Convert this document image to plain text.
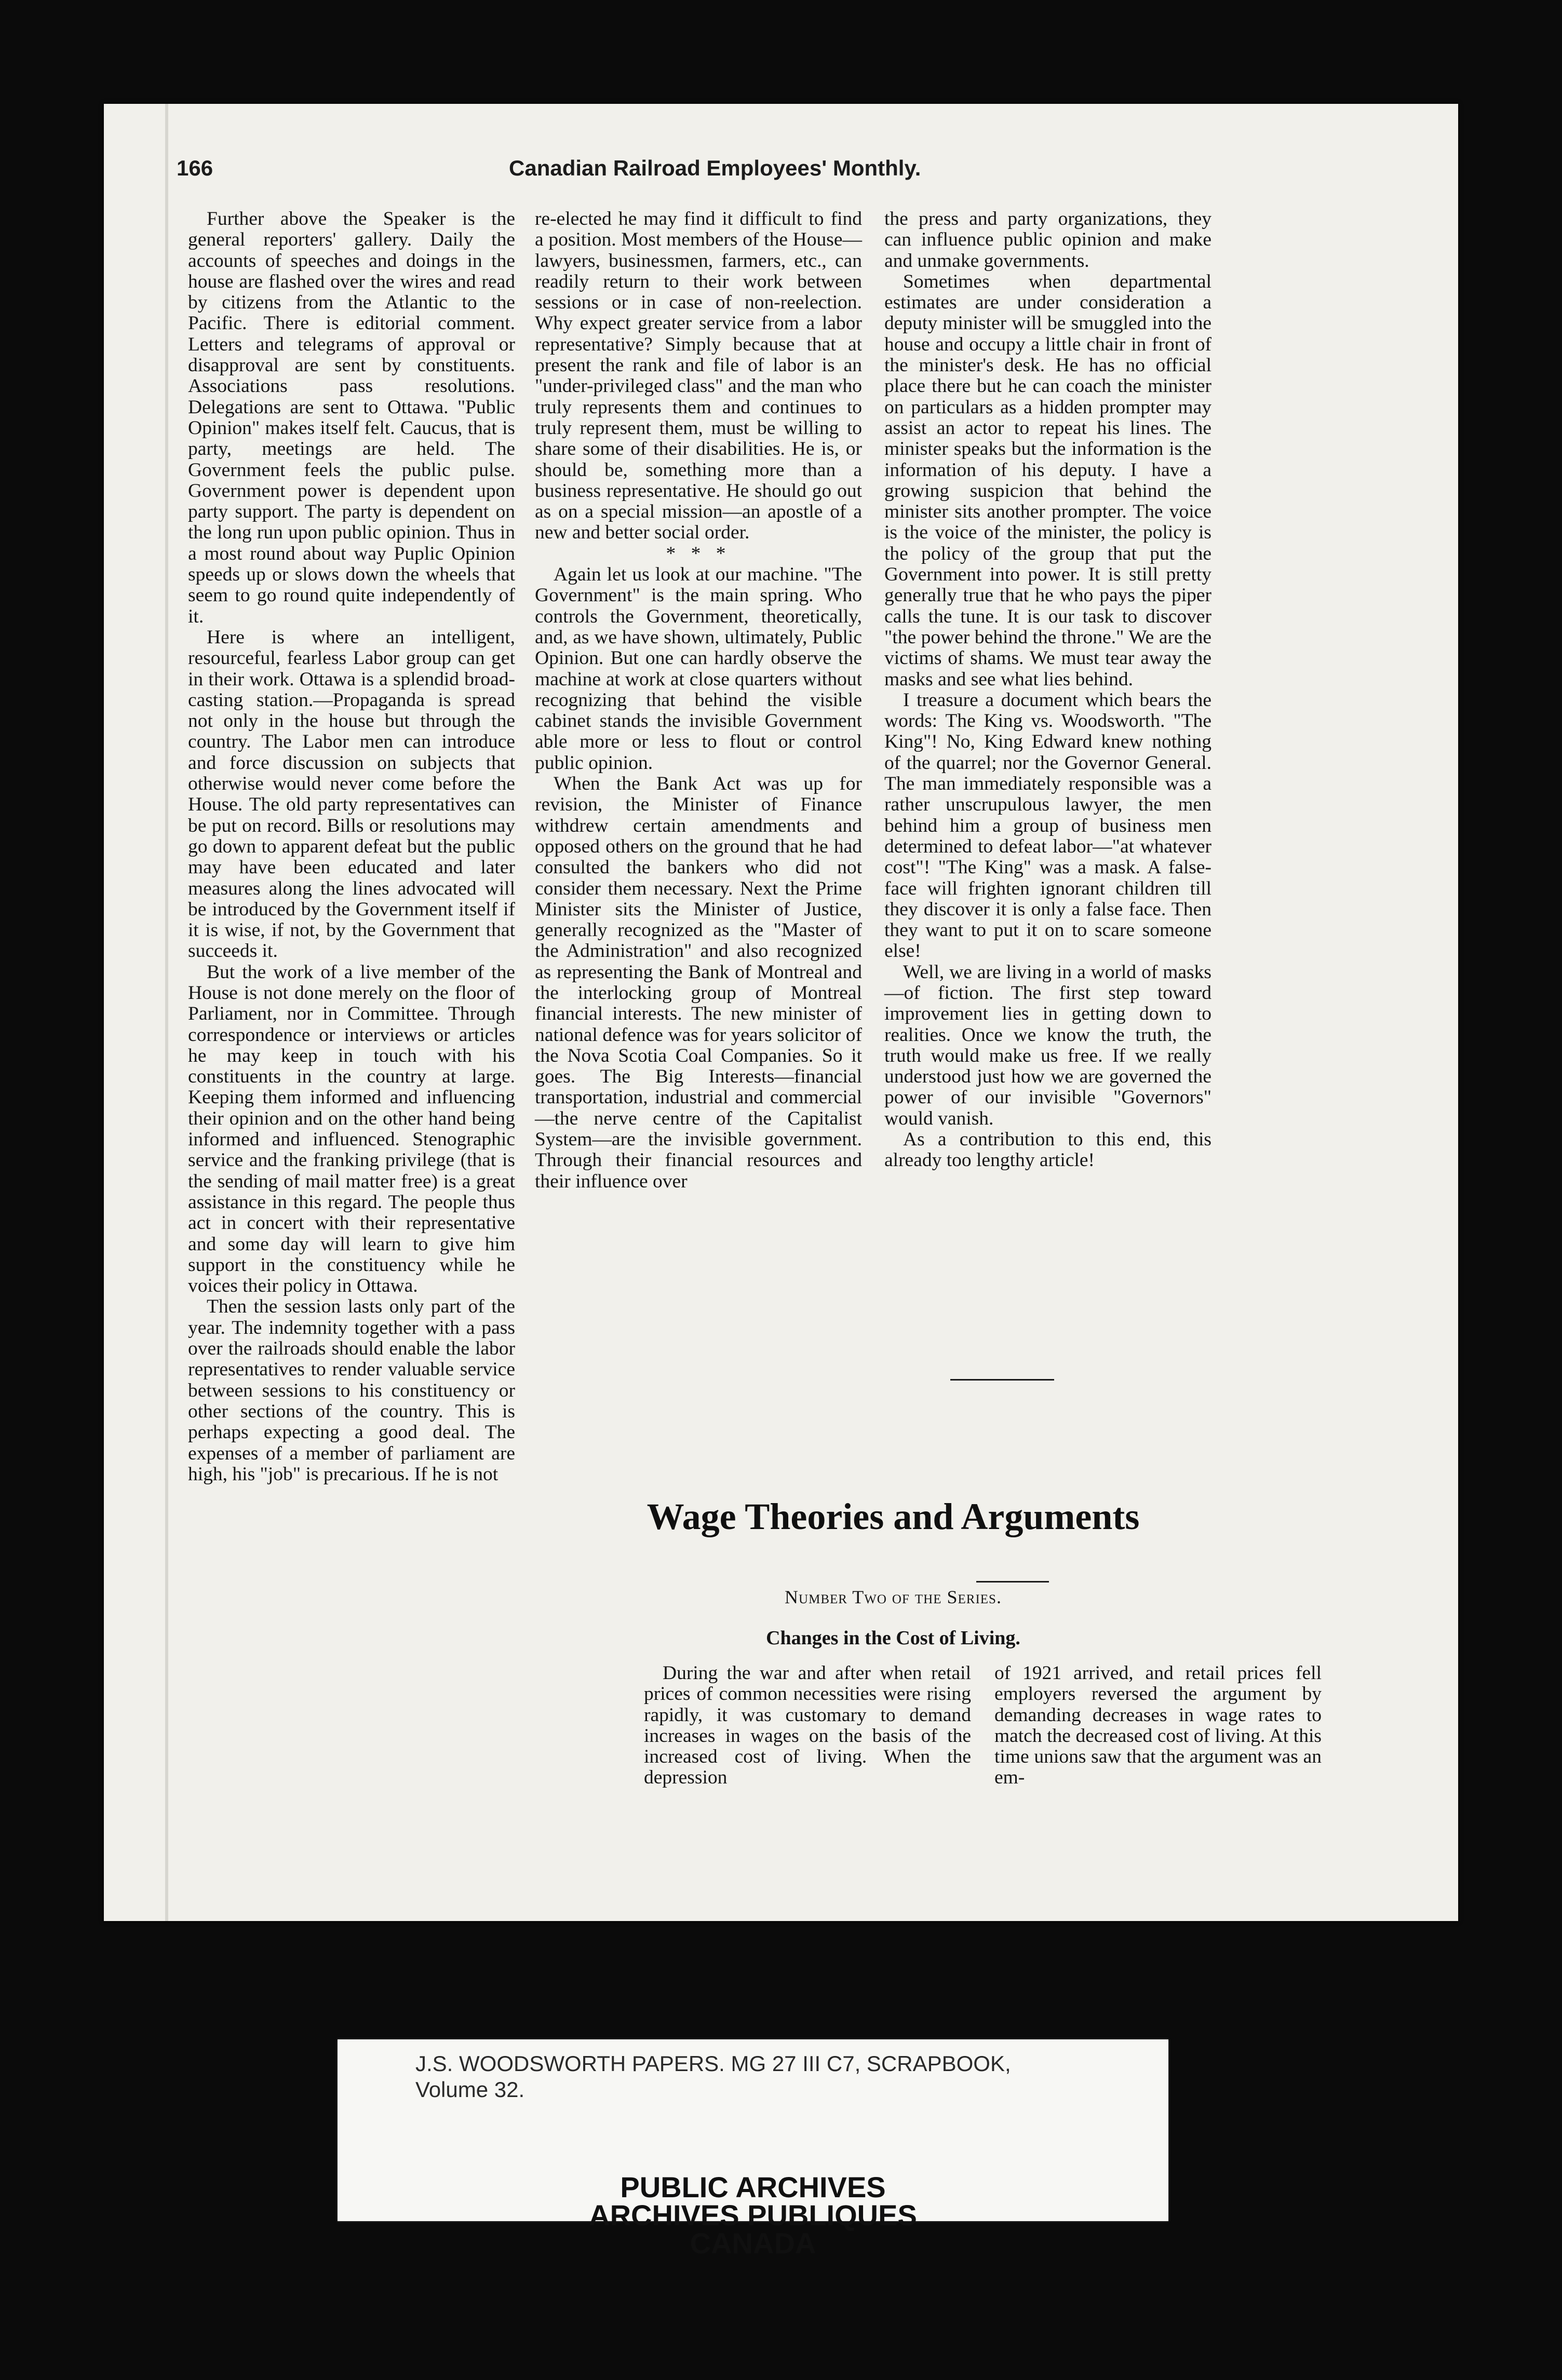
166	Canadian Railroad Employees' Monthly.

Further above the Speaker is the general reporters' gallery. Daily the accounts of speeches and doings in the house are flashed over the wires and read by citizens from the Atlantic to the Pacific. There is editorial comment. Letters and telegrams of approval or disapproval are sent by constituents. Associations pass resolutions. Delegations are sent to Ottawa. "Public Opinion" makes itself felt. Caucus, that is party, meetings are held. The Government feels the public pulse. Government power is dependent upon party support. The party is dependent on the long run upon public opinion. Thus in a most round about way Puplic Opinion speeds up or slows down the wheels that seem to go round quite independently of it.

Here is where an intelligent, resourceful, fearless Labor group can get in their work. Ottawa is a splendid broad-casting station.—Propaganda is spread not only in the house but through the country. The Labor men can introduce and force discussion on subjects that otherwise would never come before the House. The old party representatives can be put on record. Bills or resolutions may go down to apparent defeat but the public may have been educated and later measures along the lines advocated will be introduced by the Government itself if it is wise, if not, by the Government that succeeds it.

But the work of a live member of the House is not done merely on the floor of Parliament, nor in Committee. Through correspondence or interviews or articles he may keep in touch with his constituents in the country at large. Keeping them informed and influencing their opinion and on the other hand being informed and influenced. Stenographic service and the franking privilege (that is the sending of mail matter free) is a great assistance in this regard. The people thus act in concert with their representative and some day will learn to give him support in the constituency while he voices their policy in Ottawa.

Then the session lasts only part of the year. The indemnity together with a pass over the railroads should enable the labor representatives to render valuable service between sessions to his constituency or other sections of the country. This is perhaps expecting a good deal. The expenses of a member of parliament are high, his "job" is precarious. If he is not

re-elected he may find it difficult to find a position. Most members of the House—lawyers, businessmen, farmers, etc., can readily return to their work between sessions or in case of non-reelection. Why expect greater service from a labor representative? Simply because that at present the rank and file of labor is an "under-privileged class" and the man who truly represents them and continues to truly represent them, must be willing to share some of their disabilities. He is, or should be, something more than a business representative. He should go out as on a special mission—an apostle of a new and better social order.

* * *

Again let us look at our machine. "The Government" is the main spring. Who controls the Government, theoretically, and, as we have shown, ultimately, Public Opinion. But one can hardly observe the machine at work at close quarters without recognizing that behind the visible cabinet stands the invisible Government able more or less to flout or control public opinion.

When the Bank Act was up for revision, the Minister of Finance withdrew certain amendments and opposed others on the ground that he had consulted the bankers who did not consider them necessary. Next the Prime Minister sits the Minister of Justice, generally recognized as the "Master of the Administration" and also recognized as representing the Bank of Montreal and the interlocking group of Montreal financial interests. The new minister of national defence was for years solicitor of the Nova Scotia Coal Companies. So it goes. The Big Interests—financial transportation, industrial and commercial—the nerve centre of the Capitalist System—are the invisible government. Through their financial resources and their influence over

the press and party organizations, they can influence public opinion and make and unmake governments.

Sometimes when departmental estimates are under consideration a deputy minister will be smuggled into the house and occupy a little chair in front of the minister's desk. He has no official place there but he can coach the minister on particulars as a hidden prompter may assist an actor to repeat his lines. The minister speaks but the information is the information of his deputy. I have a growing suspicion that behind the minister sits another prompter. The voice is the voice of the minister, the policy is the policy of the group that put the Government into power. It is still pretty generally true that he who pays the piper calls the tune. It is our task to discover "the power behind the throne." We are the victims of shams. We must tear away the masks and see what lies behind.

I treasure a document which bears the words: The King vs. Woodsworth. "The King"! No, King Edward knew nothing of the quarrel; nor the Governor General. The man immediately responsible was a rather unscrupulous lawyer, the men behind him a group of business men determined to defeat labor—"at whatever cost"! "The King" was a mask. A false-face will frighten ignorant children till they discover it is only a false face. Then they want to put it on to scare someone else!

Well, we are living in a world of masks—of fiction. The first step toward improvement lies in getting down to realities. Once we know the truth, the truth would make us free. If we really understood just how we are governed the power of our invisible "Governors" would vanish.

As a contribution to this end, this already too lengthy article!

Wage Theories and Arguments
Number Two of the Series.
Changes in the Cost of Living.

During the war and after when retail prices of common necessities were rising rapidly, it was customary to demand increases in wages on the basis of the increased cost of living. When the depression

of 1921 arrived, and retail prices fell employers reversed the argument by demanding decreases in wage rates to match the decreased cost of living. At this time unions saw that the argument was an em-

J.S. WOODSWORTH PAPERS. MG 27 III C7, SCRAPBOOK,
Volume 32.
PUBLIC ARCHIVES
ARCHIVES PUBLIQUES
CANADA
